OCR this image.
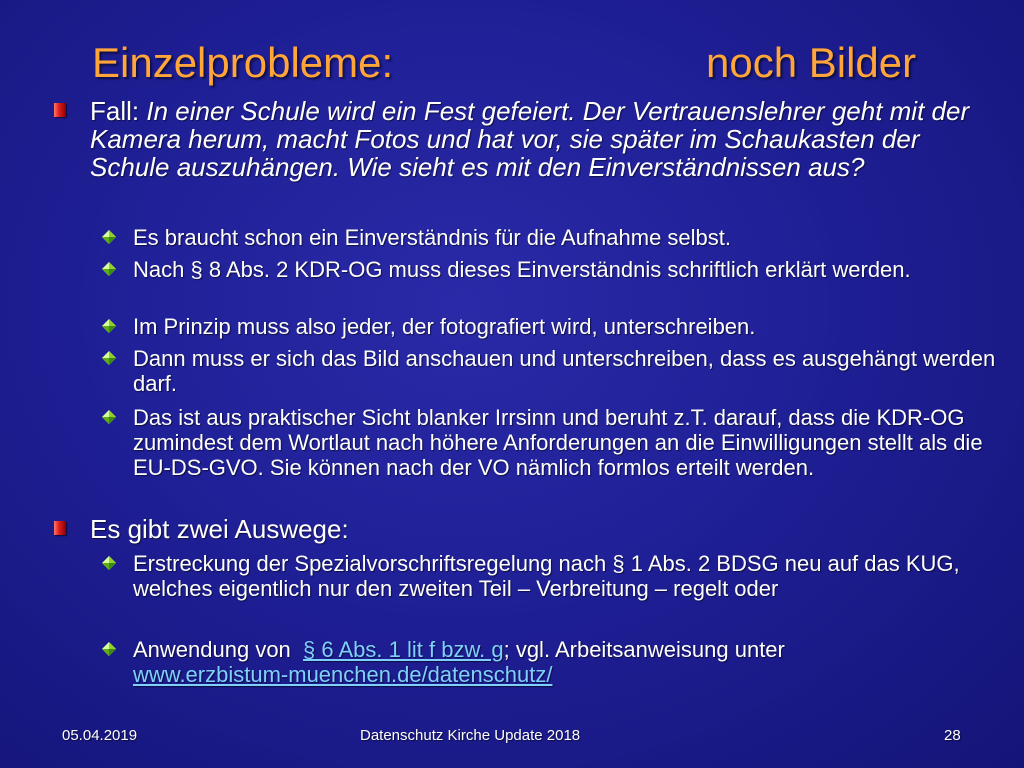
Einzelprobleme:	noch Bilder
Fall: In einer Schule wird ein Fest gefeiert. Der Vertrauenslehrer geht mit der Kamera herum, macht Fotos und hat vor, sie später im Schaukasten der Schule auszuhängen. Wie sieht es mit den Einverständnissen aus?
Es braucht schon ein Einverständnis für die Aufnahme selbst.
Nach § 8 Abs. 2 KDR-OG muss dieses Einverständnis schriftlich erklärt werden.
Im Prinzip muss also jeder, der fotografiert wird, unterschreiben.
Dann muss er sich das Bild anschauen und unterschreiben, dass es ausgehängt werden darf.
Das ist aus praktischer Sicht blanker Irrsinn und beruht z.T. darauf, dass die KDR-OG zumindest dem Wortlaut nach höhere Anforderungen an die Einwilligungen stellt als die EU-DS-GVO. Sie können nach der VO nämlich formlos erteilt werden.
Es gibt zwei Auswege:
Erstreckung der Spezialvorschriftsregelung nach § 1 Abs. 2 BDSG neu auf das KUG, welches eigentlich nur den zweiten Teil – Verbreitung – regelt oder
Anwendung von  § 6 Abs. 1 lit f bzw. g; vgl. Arbeitsanweisung unter
www.erzbistum-muenchen.de/datenschutz/
05.04.2019	Datenschutz Kirche Update 2018	28
